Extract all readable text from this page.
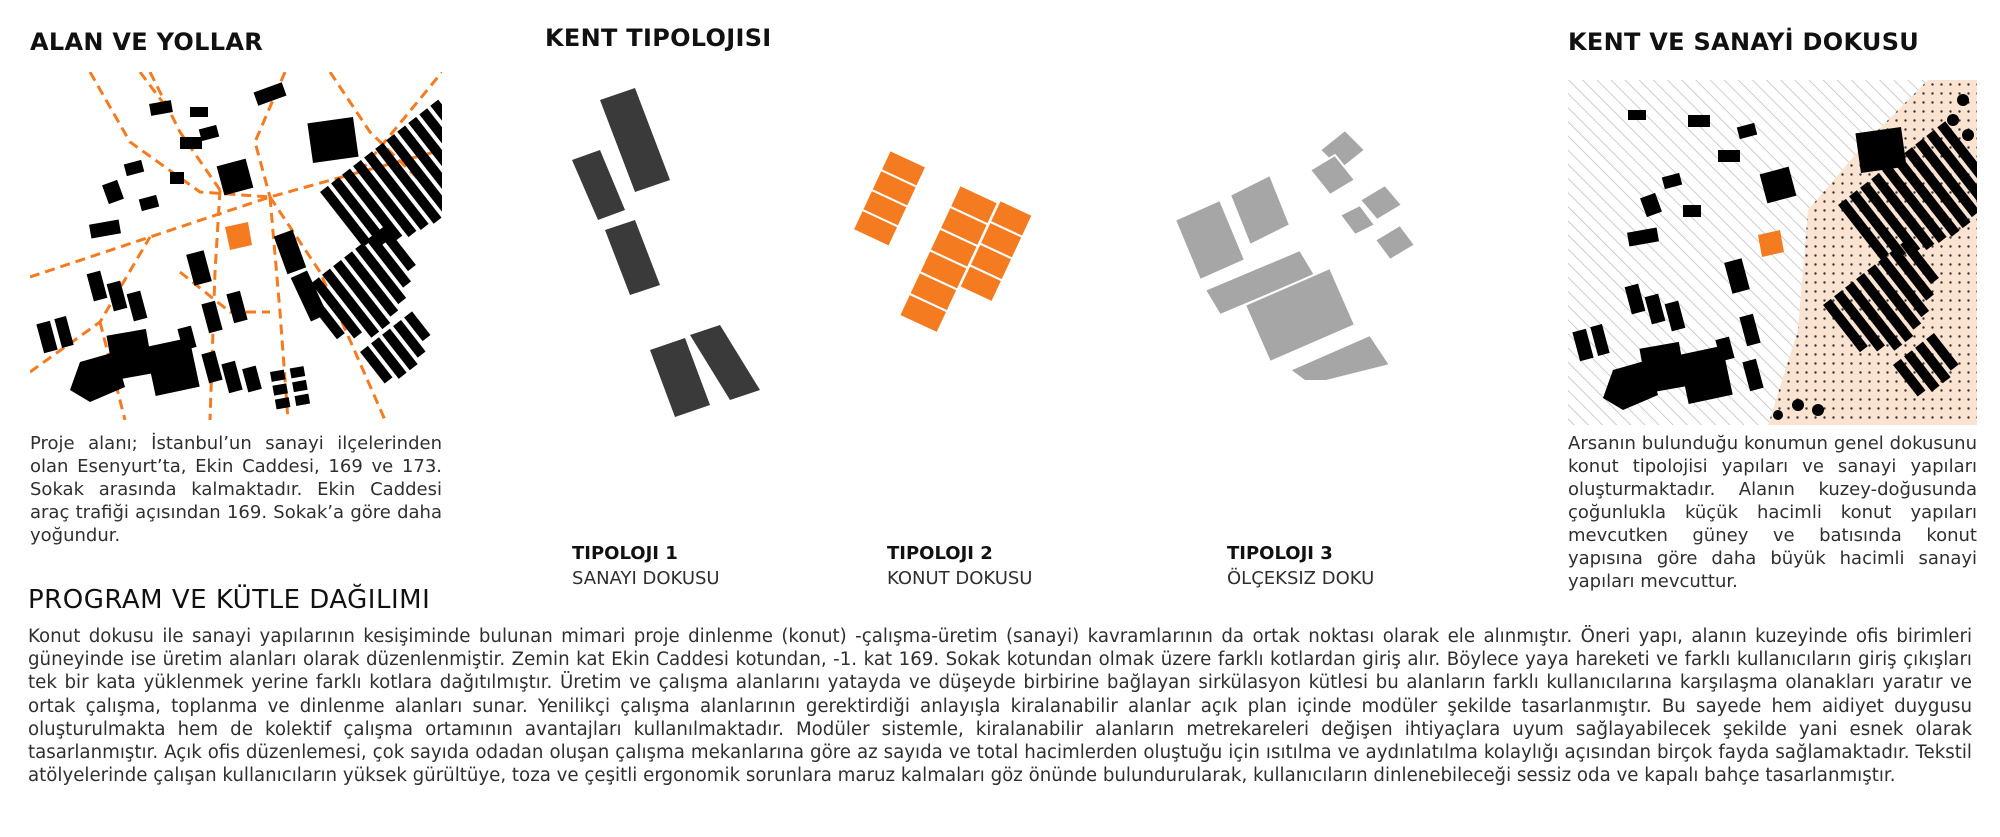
ALAN VE YOLLAR

Proje alanı; İstanbul’un sanayi ilçelerinden olan Esenyurt’ta, Ekin Caddesi, 169 ve 173. Sokak arasında kalmaktadır. Ekin Caddesi araç trafiği açısından 169. Sokak’a göre daha yoğundur.

KENT TIPOLOJISI
TIPOLOJI 1
SANAYI DOKUSU
TIPOLOJI 2
KONUT DOKUSU
TIPOLOJI 3
ÖLÇEKSIZ DOKU
KENT VE SANAYİ DOKUSU

Arsanın bulunduğu konumun genel dokusunu konut tipolojisi yapıları ve sanayi yapıları oluşturmaktadır. Alanın kuzey-doğusunda çoğunlukla küçük hacimli konut yapıları mevcutken güney ve batısında konut yapısına göre daha büyük hacimli sanayi yapıları mevcuttur.

PROGRAM VE KÜTLE DAĞILIMI

Konut dokusu ile sanayi yapılarının kesişiminde bulunan mimari proje dinlenme (konut) -çalışma-üretim (sanayi) kavramlarının da ortak noktası olarak ele alınmıştır. Öneri yapı, alanın kuzeyinde ofis birimleri güneyinde ise üretim alanları olarak düzenlenmiştir. Zemin kat Ekin Caddesi kotundan, -1. kat 169. Sokak kotundan olmak üzere farklı kotlardan giriş alır. Böylece yaya hareketi ve farklı kullanıcıların giriş çıkışları tek bir kata yüklenmek yerine farklı kotlara dağıtılmıştır. Üretim ve çalışma alanlarını yatayda ve düşeyde birbirine bağlayan sirkülasyon kütlesi bu alanların farklı kullanıcılarına karşılaşma olanakları yaratır ve ortak çalışma, toplanma ve dinlenme alanları sunar. Yenilikçi çalışma alanlarının gerektirdiği anlayışla kiralanabilir alanlar açık plan içinde modüler şekilde tasarlanmıştır. Bu sayede hem aidiyet duygusu oluşturulmakta hem de kolektif çalışma ortamının avantajları kullanılmaktadır. Modüler sistemle, kiralanabilir alanların metrekareleri değişen ihtiyaçlara uyum sağlayabilecek şekilde yani esnek olarak tasarlanmıştır. Açık ofis düzenlemesi, çok sayıda odadan oluşan çalışma mekanlarına göre az sayıda ve total hacimlerden oluştuğu için ısıtılma ve aydınlatılma kolaylığı açısından birçok fayda sağlamaktadır. Tekstil atölyelerinde çalışan kullanıcıların yüksek gürültüye, toza ve çeşitli ergonomik sorunlara maruz kalmaları göz önünde bulundurularak, kullanıcıların dinlenebileceği sessiz oda ve kapalı bahçe tasarlanmıştır.
